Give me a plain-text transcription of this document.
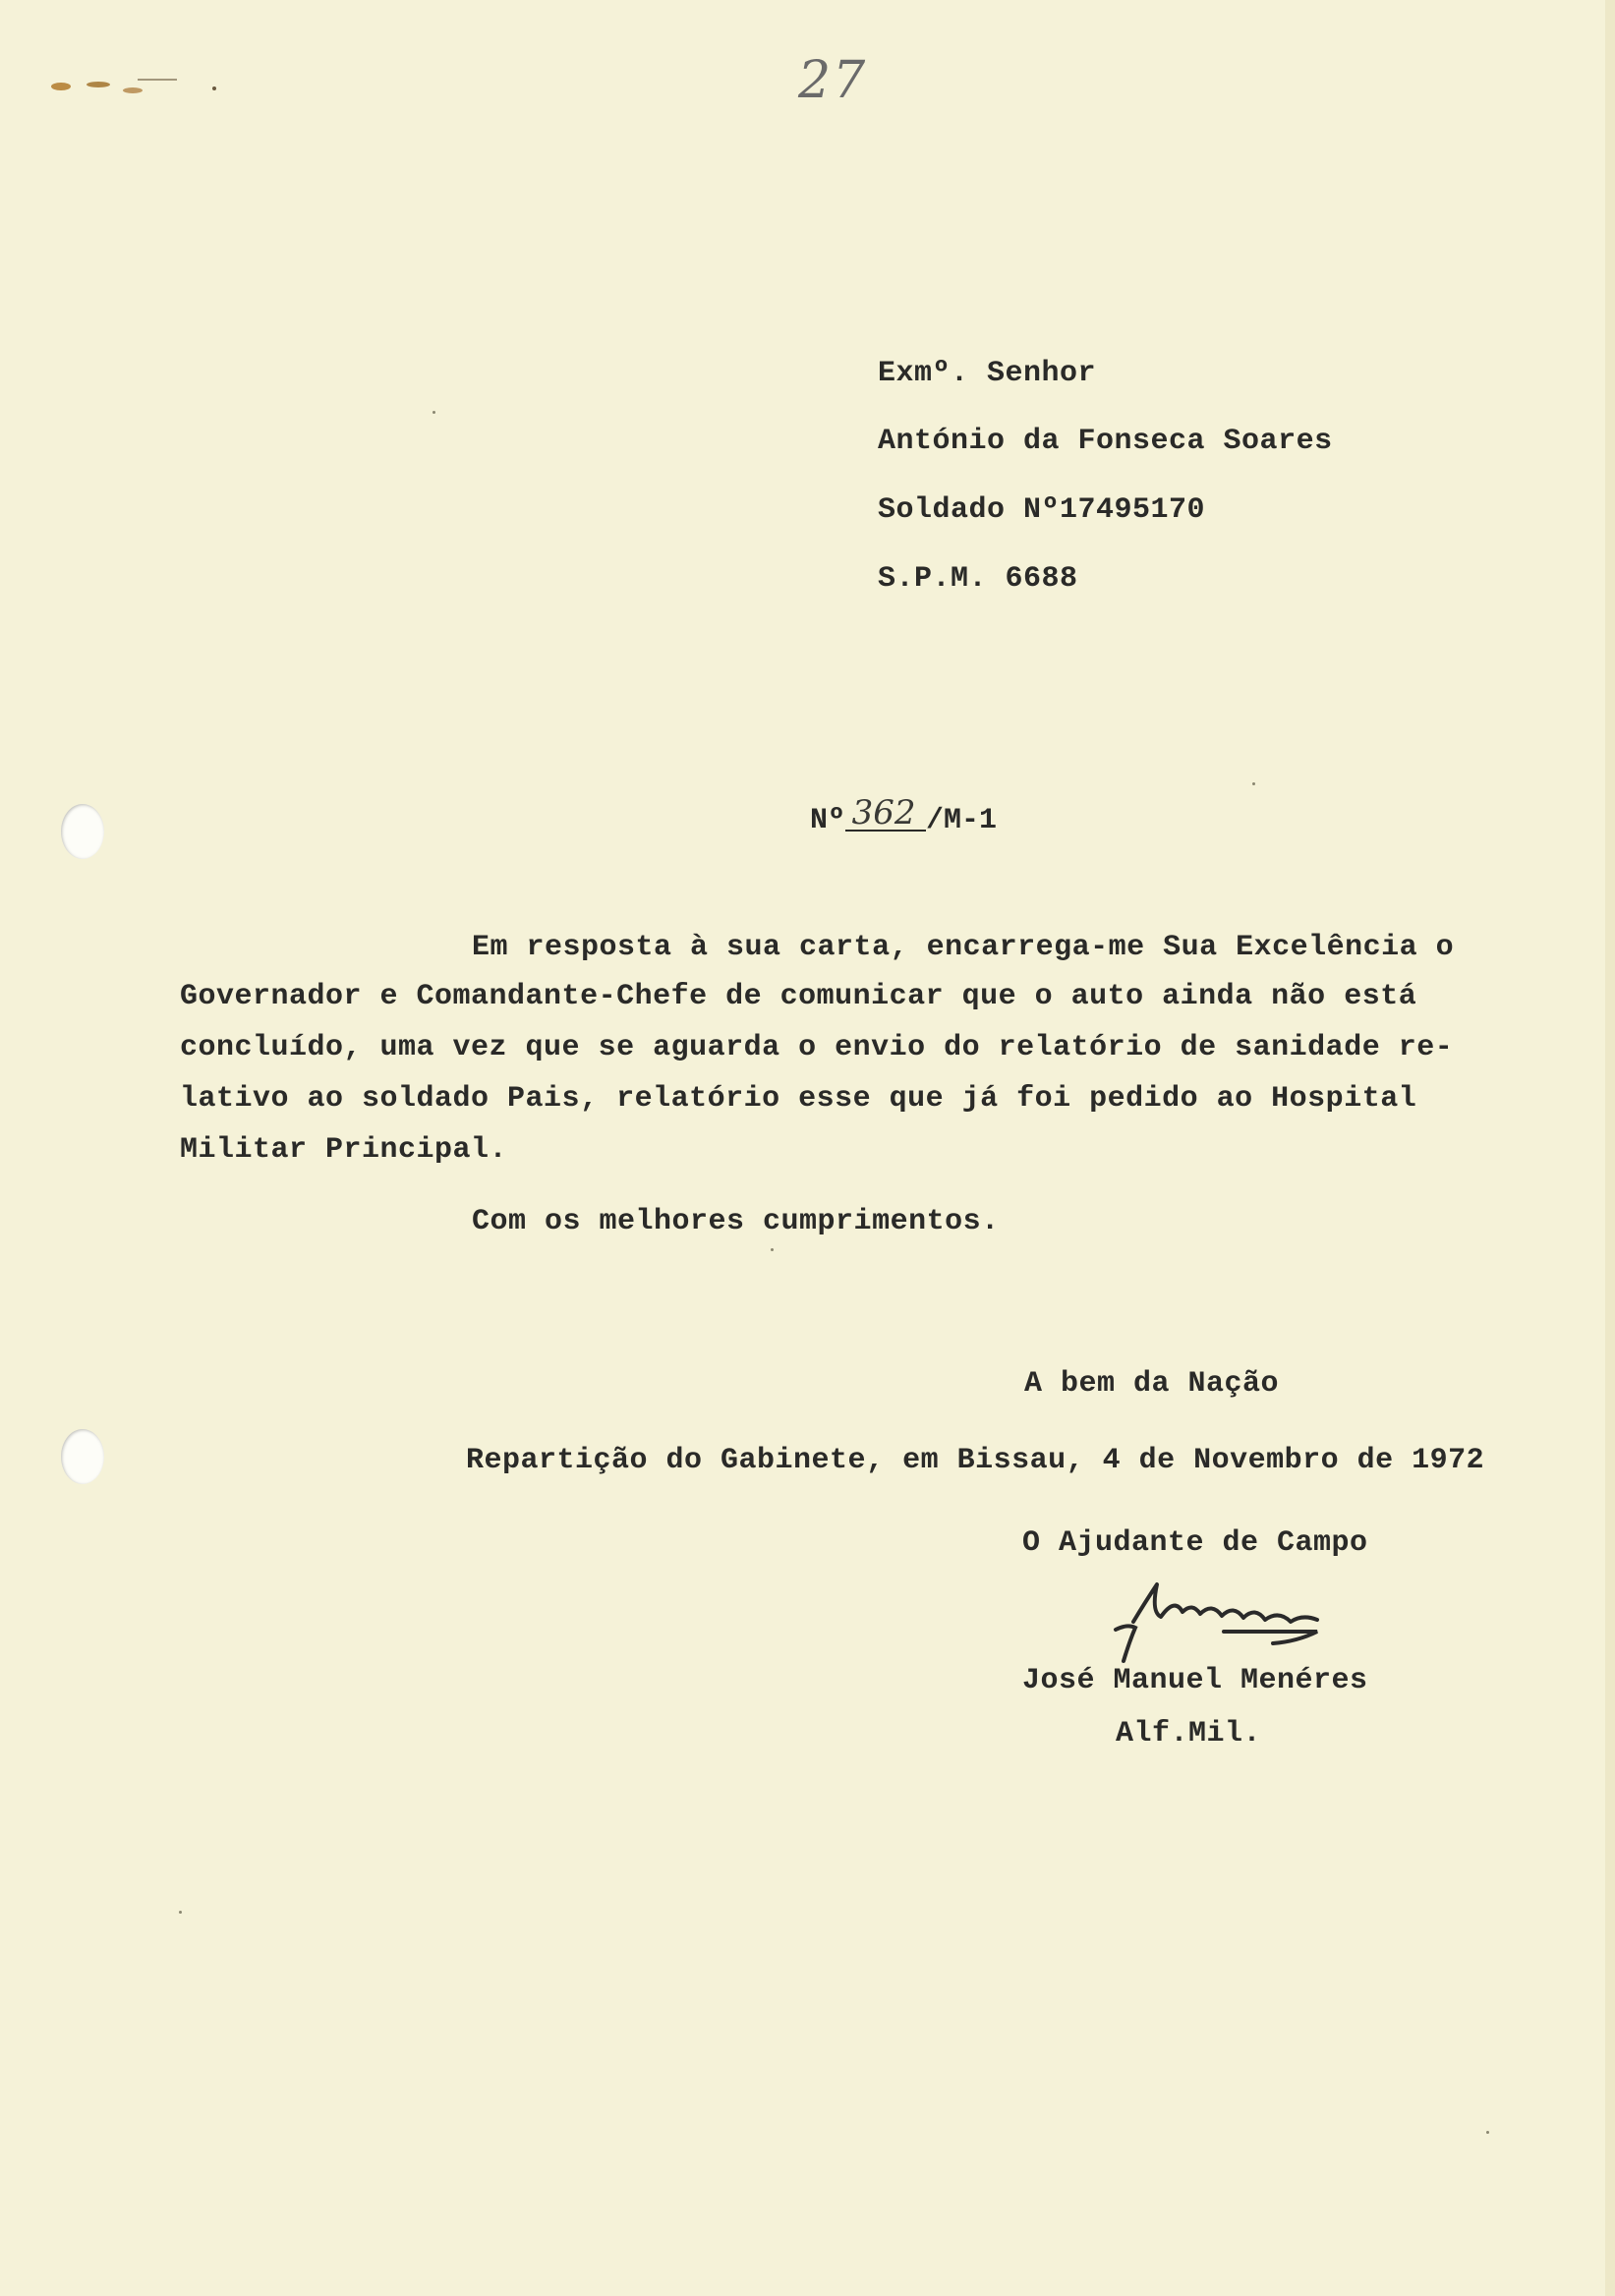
27
Exmº. Senhor
António da Fonseca Soares
Soldado Nº17495170
S.P.M. 6688

Nº 362 /M-1

Em resposta à sua carta, encarrega-me Sua Excelência o
Governador e Comandante-Chefe de comunicar que o auto ainda não está
concluído, uma vez que se aguarda o envio do relatório de sanidade re-
lativo ao soldado Pais, relatório esse que já foi pedido ao Hospital
Militar Principal.
Com os melhores cumprimentos.
A bem da Nação
Repartição do Gabinete, em Bissau, 4 de Novembro de 1972
O Ajudante de Campo
José Manuel Menéres
Alf.Mil.
